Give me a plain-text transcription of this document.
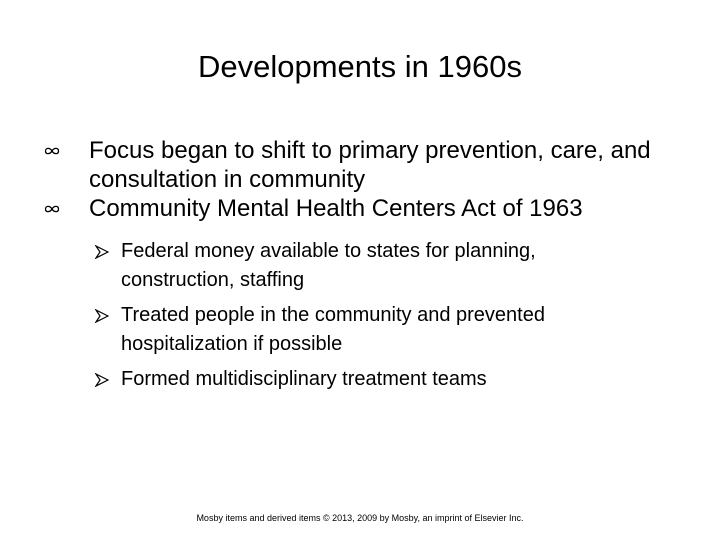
Developments in 1960s
Focus began to shift to primary prevention, care, and consultation in community
Community Mental Health Centers Act of 1963
Federal money available to states for planning, construction, staffing
Treated people in the community and prevented hospitalization if possible
Formed multidisciplinary treatment teams
Mosby items and derived items © 2013, 2009 by Mosby, an imprint of Elsevier Inc.
